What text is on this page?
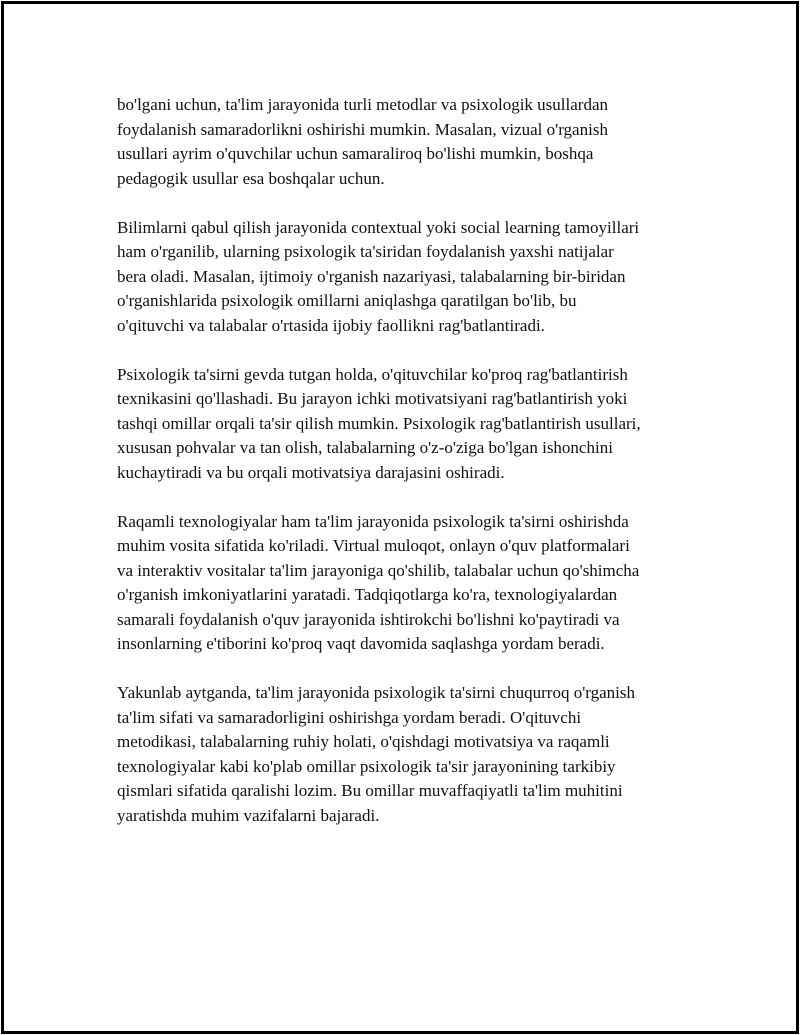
bo'lgani uchun, ta'lim jarayonida turli metodlar va psixologik usullardan
foydalanish samaradorlikni oshirishi mumkin. Masalan, vizual o'rganish
usullari ayrim o'quvchilar uchun samaraliroq bo'lishi mumkin, boshqa
pedagogik usullar esa boshqalar uchun.

Bilimlarni qabul qilish jarayonida contextual yoki social learning tamoyillari
ham o'rganilib, ularning psixologik ta'siridan foydalanish yaxshi natijalar
bera oladi. Masalan, ijtimoiy o'rganish nazariyasi, talabalarning bir-biridan
o'rganishlarida psixologik omillarni aniqlashga qaratilgan bo'lib, bu
o'qituvchi va talabalar o'rtasida ijobiy faollikni rag'batlantiradi.

Psixologik ta'sirni gevda tutgan holda, o'qituvchilar ko'proq rag'batlantirish
texnikasini qo'llashadi. Bu jarayon ichki motivatsiyani rag'batlantirish yoki
tashqi omillar orqali ta'sir qilish mumkin. Psixologik rag'batlantirish usullari,
xususan pohvalar va tan olish, talabalarning o'z-o'ziga bo'lgan ishonchini
kuchaytiradi va bu orqali motivatsiya darajasini oshiradi.

Raqamli texnologiyalar ham ta'lim jarayonida psixologik ta'sirni oshirishda
muhim vosita sifatida ko'riladi. Virtual muloqot, onlayn o'quv platformalari
va interaktiv vositalar ta'lim jarayoniga qo'shilib, talabalar uchun qo'shimcha
o'rganish imkoniyatlarini yaratadi. Tadqiqotlarga ko'ra, texnologiyalardan
samarali foydalanish o'quv jarayonida ishtirokchi bo'lishni ko'paytiradi va
insonlarning e'tiborini ko'proq vaqt davomida saqlashga yordam beradi.

Yakunlab aytganda, ta'lim jarayonida psixologik ta'sirni chuqurroq o'rganish
ta'lim sifati va samaradorligini oshirishga yordam beradi. O'qituvchi
metodikasi, talabalarning ruhiy holati, o'qishdagi motivatsiya va raqamli
texnologiyalar kabi ko'plab omillar psixologik ta'sir jarayonining tarkibiy
qismlari sifatida qaralishi lozim. Bu omillar muvaffaqiyatli ta'lim muhitini
yaratishda muhim vazifalarni bajaradi.
